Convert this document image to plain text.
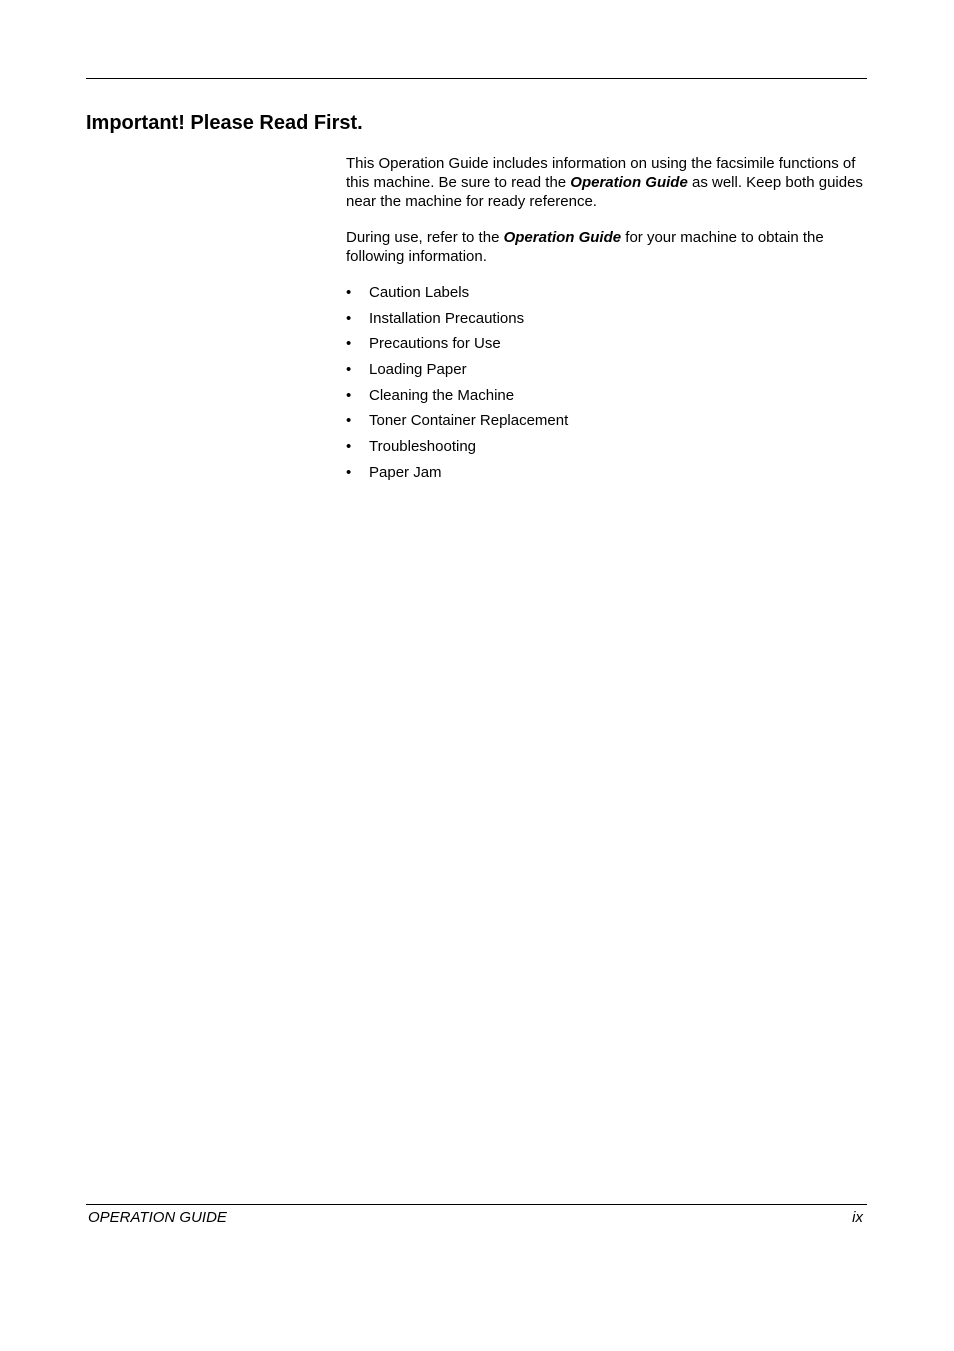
Important! Please Read First.

This Operation Guide includes information on using the facsimile functions of this machine. Be sure to read the Operation Guide as well. Keep both guides near the machine for ready reference.

During use, refer to the Operation Guide for your machine to obtain the following information.

• Caution Labels
• Installation Precautions
• Precautions for Use
• Loading Paper
• Cleaning the Machine
• Toner Container Replacement
• Troubleshooting
• Paper Jam
OPERATION GUIDE	ix
